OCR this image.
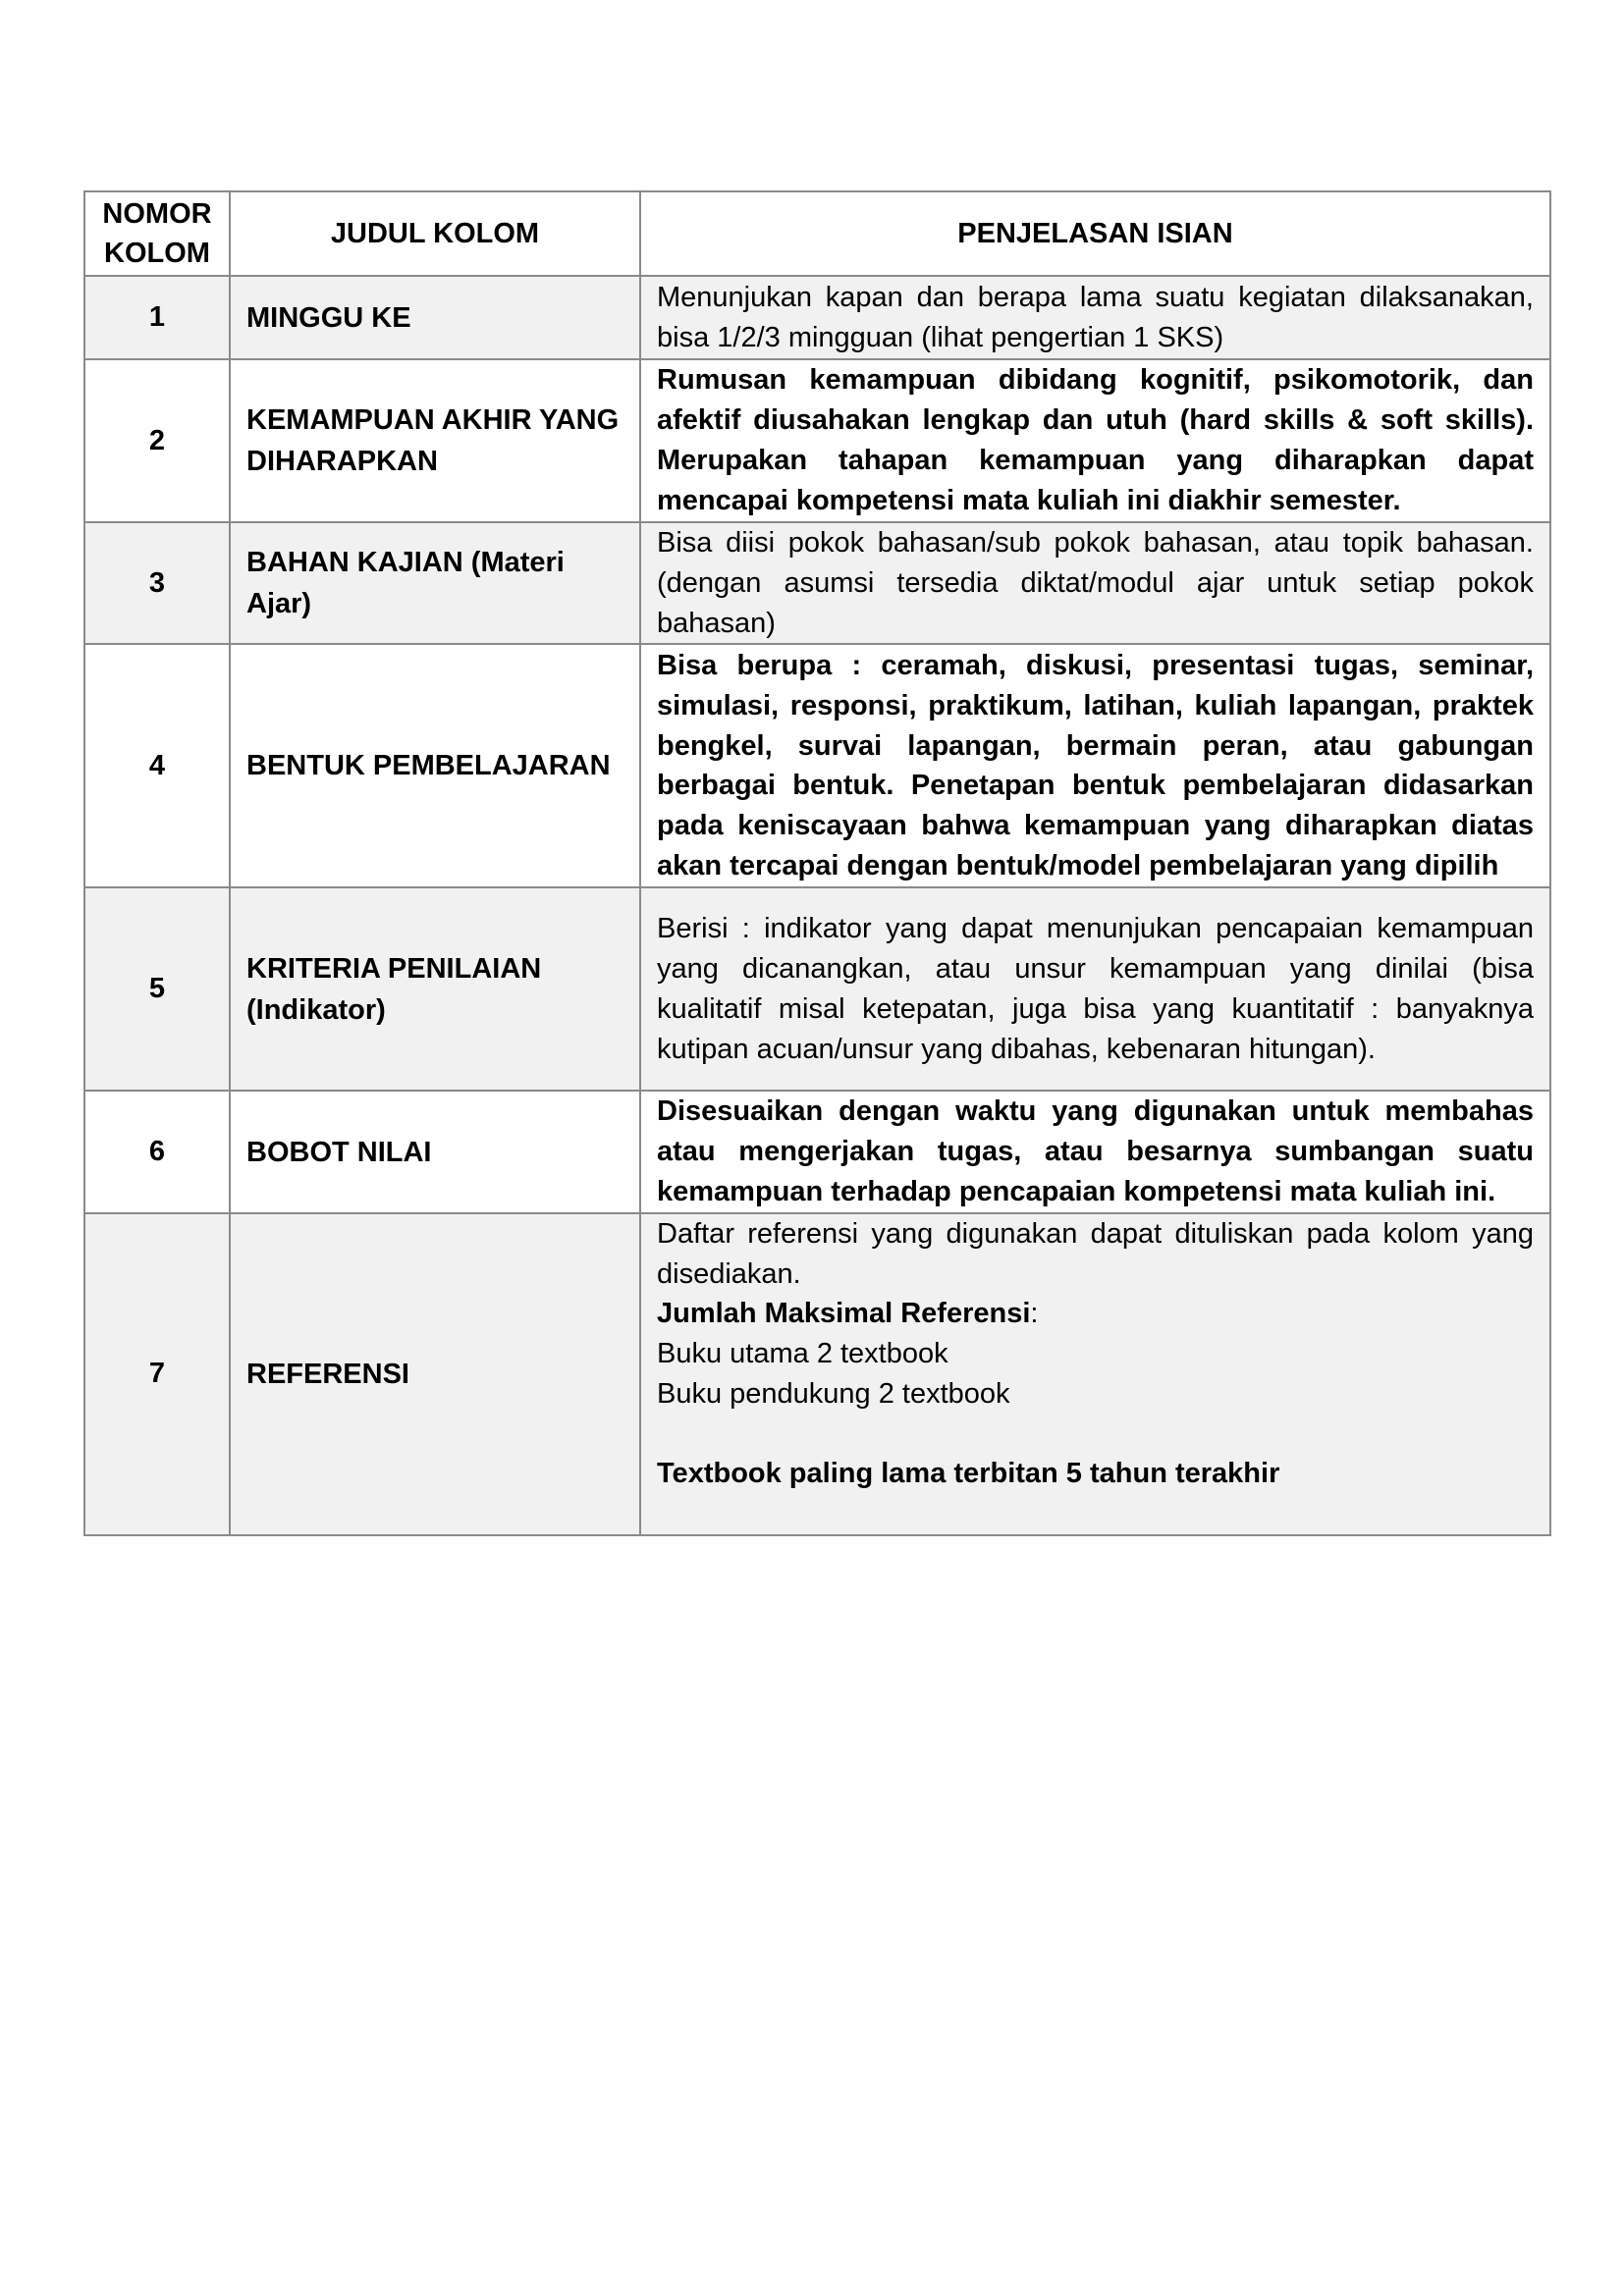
NOMOR
KOLOM	JUDUL KOLOM	PENJELASAN ISIAN
1	MINGGU KE	Menunjukan kapan dan berapa lama suatu kegiatan dilaksanakan, bisa 1/2/3 mingguan (lihat pengertian 1 SKS)
2	KEMAMPUAN AKHIR YANG DIHARAPKAN	Rumusan kemampuan dibidang kognitif, psikomotorik, dan afektif diusahakan lengkap dan utuh (hard skills & soft skills). Merupakan tahapan kemampuan yang diharapkan dapat mencapai kompetensi mata kuliah ini diakhir semester.
3	BAHAN KAJIAN (Materi Ajar)	Bisa diisi pokok bahasan/sub pokok bahasan, atau topik bahasan. (dengan asumsi tersedia diktat/modul ajar untuk setiap pokok bahasan)
4	BENTUK PEMBELAJARAN	Bisa berupa : ceramah, diskusi, presentasi tugas, seminar, simulasi, responsi, praktikum, latihan, kuliah lapangan, praktek bengkel, survai lapangan, bermain peran, atau gabungan berbagai bentuk. Penetapan bentuk pembelajaran didasarkan pada keniscayaan bahwa kemampuan yang diharapkan diatas akan tercapai dengan bentuk/model pembelajaran yang dipilih
5	KRITERIA PENILAIAN (Indikator)	Berisi : indikator yang dapat menunjukan pencapaian kemampuan yang dicanangkan, atau unsur kemampuan yang dinilai (bisa kualitatif misal ketepatan, juga bisa yang kuantitatif : banyaknya kutipan acuan/unsur yang dibahas, kebenaran hitungan).
6	BOBOT NILAI	Disesuaikan dengan waktu yang digunakan untuk membahas atau mengerjakan tugas, atau besarnya sumbangan suatu kemampuan terhadap pencapaian kompetensi mata kuliah ini.
7	REFERENSI	Daftar referensi yang digunakan dapat dituliskan pada kolom yang disediakan.
Jumlah Maksimal Referensi:
Buku utama 2 textbook
Buku pendukung 2 textbook
Textbook paling lama terbitan 5 tahun terakhir
